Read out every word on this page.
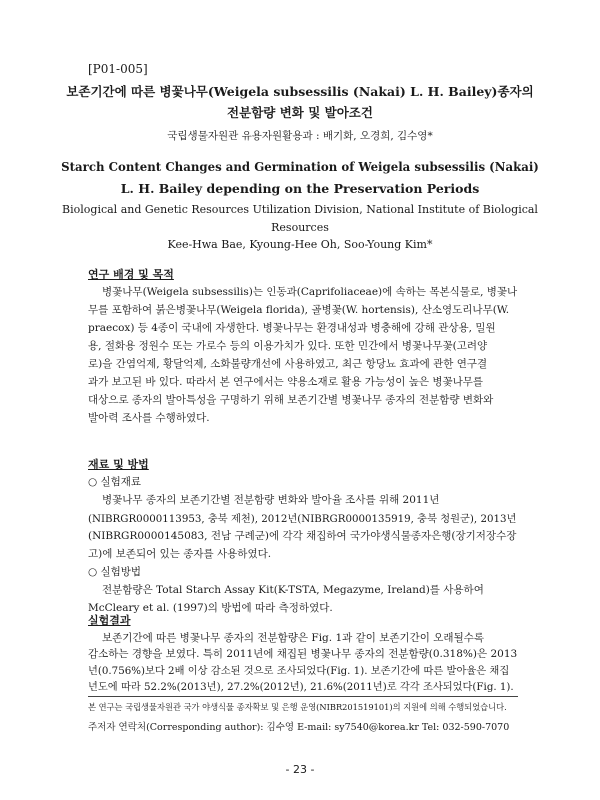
[P01-005]
보존기간에 따른 병꽃나무(Weigela subsessilis (Nakai) L. H. Bailey)종자의
전분함량 변화 및 발아조건
국립생물자원관 유용자원활용과 : 배기화, 오경희, 김수영*
Starch Content Changes and Germination of Weigela subsessilis (Nakai)
L. H. Bailey depending on the Preservation Periods
Biological and Genetic Resources Utilization Division, National Institute of Biological
Resources
Kee-Hwa Bae, Kyoung-Hee Oh, Soo-Young Kim*
연구 배경 및 목적
병꽃나무(Weigela subsessilis)는 인동과(Caprifoliaceae)에 속하는 목본식물로, 병꽃나
무를 포함하여 붉은병꽃나무(Weigela florida), 골병꽃(W. hortensis), 산소영도리나무(W.
praecox) 등 4종이 국내에 자생한다. 병꽃나무는 환경내성과 병충해에 강해 관상용, 밀원
용, 절화용 정원수 또는 가로수 등의 이용가치가 있다. 또한 민간에서 병꽃나무꽃(고려양
로)을 간염억제, 황달억제, 소화불량개선에 사용하였고, 최근 항당뇨 효과에 관한 연구결
과가 보고된 바 있다. 따라서 본 연구에서는 약용소재로 활용 가능성이 높은 병꽃나무를
대상으로 종자의 발아특성을 구명하기 위해 보존기간별 병꽃나무 종자의 전분함량 변화와
발아력 조사를 수행하였다.
재료 및 방법
○ 실험재료
병꽃나무 종자의 보존기간별 전분함량 변화와 발아율 조사를 위해 2011년
(NIBRGR0000113953, 충북 제천), 2012년(NIBRGR0000135919, 충북 청원군), 2013년
(NIBRGR0000145083, 전남 구례군)에 각각 채집하여 국가야생식물종자은행(장기저장수장
고)에 보존되어 있는 종자를 사용하였다.
○ 실험방법
전분함량은 Total Starch Assay Kit(K-TSTA, Megazyme, Ireland)를 사용하여
McCleary et al. (1997)의 방법에 따라 측정하였다.
실험결과
보존기간에 따른 병꽃나무 종자의 전분함량은 Fig. 1과 같이 보존기간이 오래될수록
감소하는 경향을 보였다. 특히 2011년에 채집된 병꽃나무 종자의 전분함량(0.318%)은 2013
년(0.756%)보다 2배 이상 감소된 것으로 조사되었다(Fig. 1). 보존기간에 따른 발아율은 채집
년도에 따라 52.2%(2013년), 27.2%(2012년), 21.6%(2011년)로 각각 조사되었다(Fig. 1).
본 연구는 국립생물자원관 국가 야생식물 종자확보 및 은행 운영(NIBR201519101)의 지원에 의해 수행되었습니다.
주저자 연락처(Corresponding author): 김수영 E-mail: sy7540@korea.kr Tel: 032-590-7070
- 23 -
